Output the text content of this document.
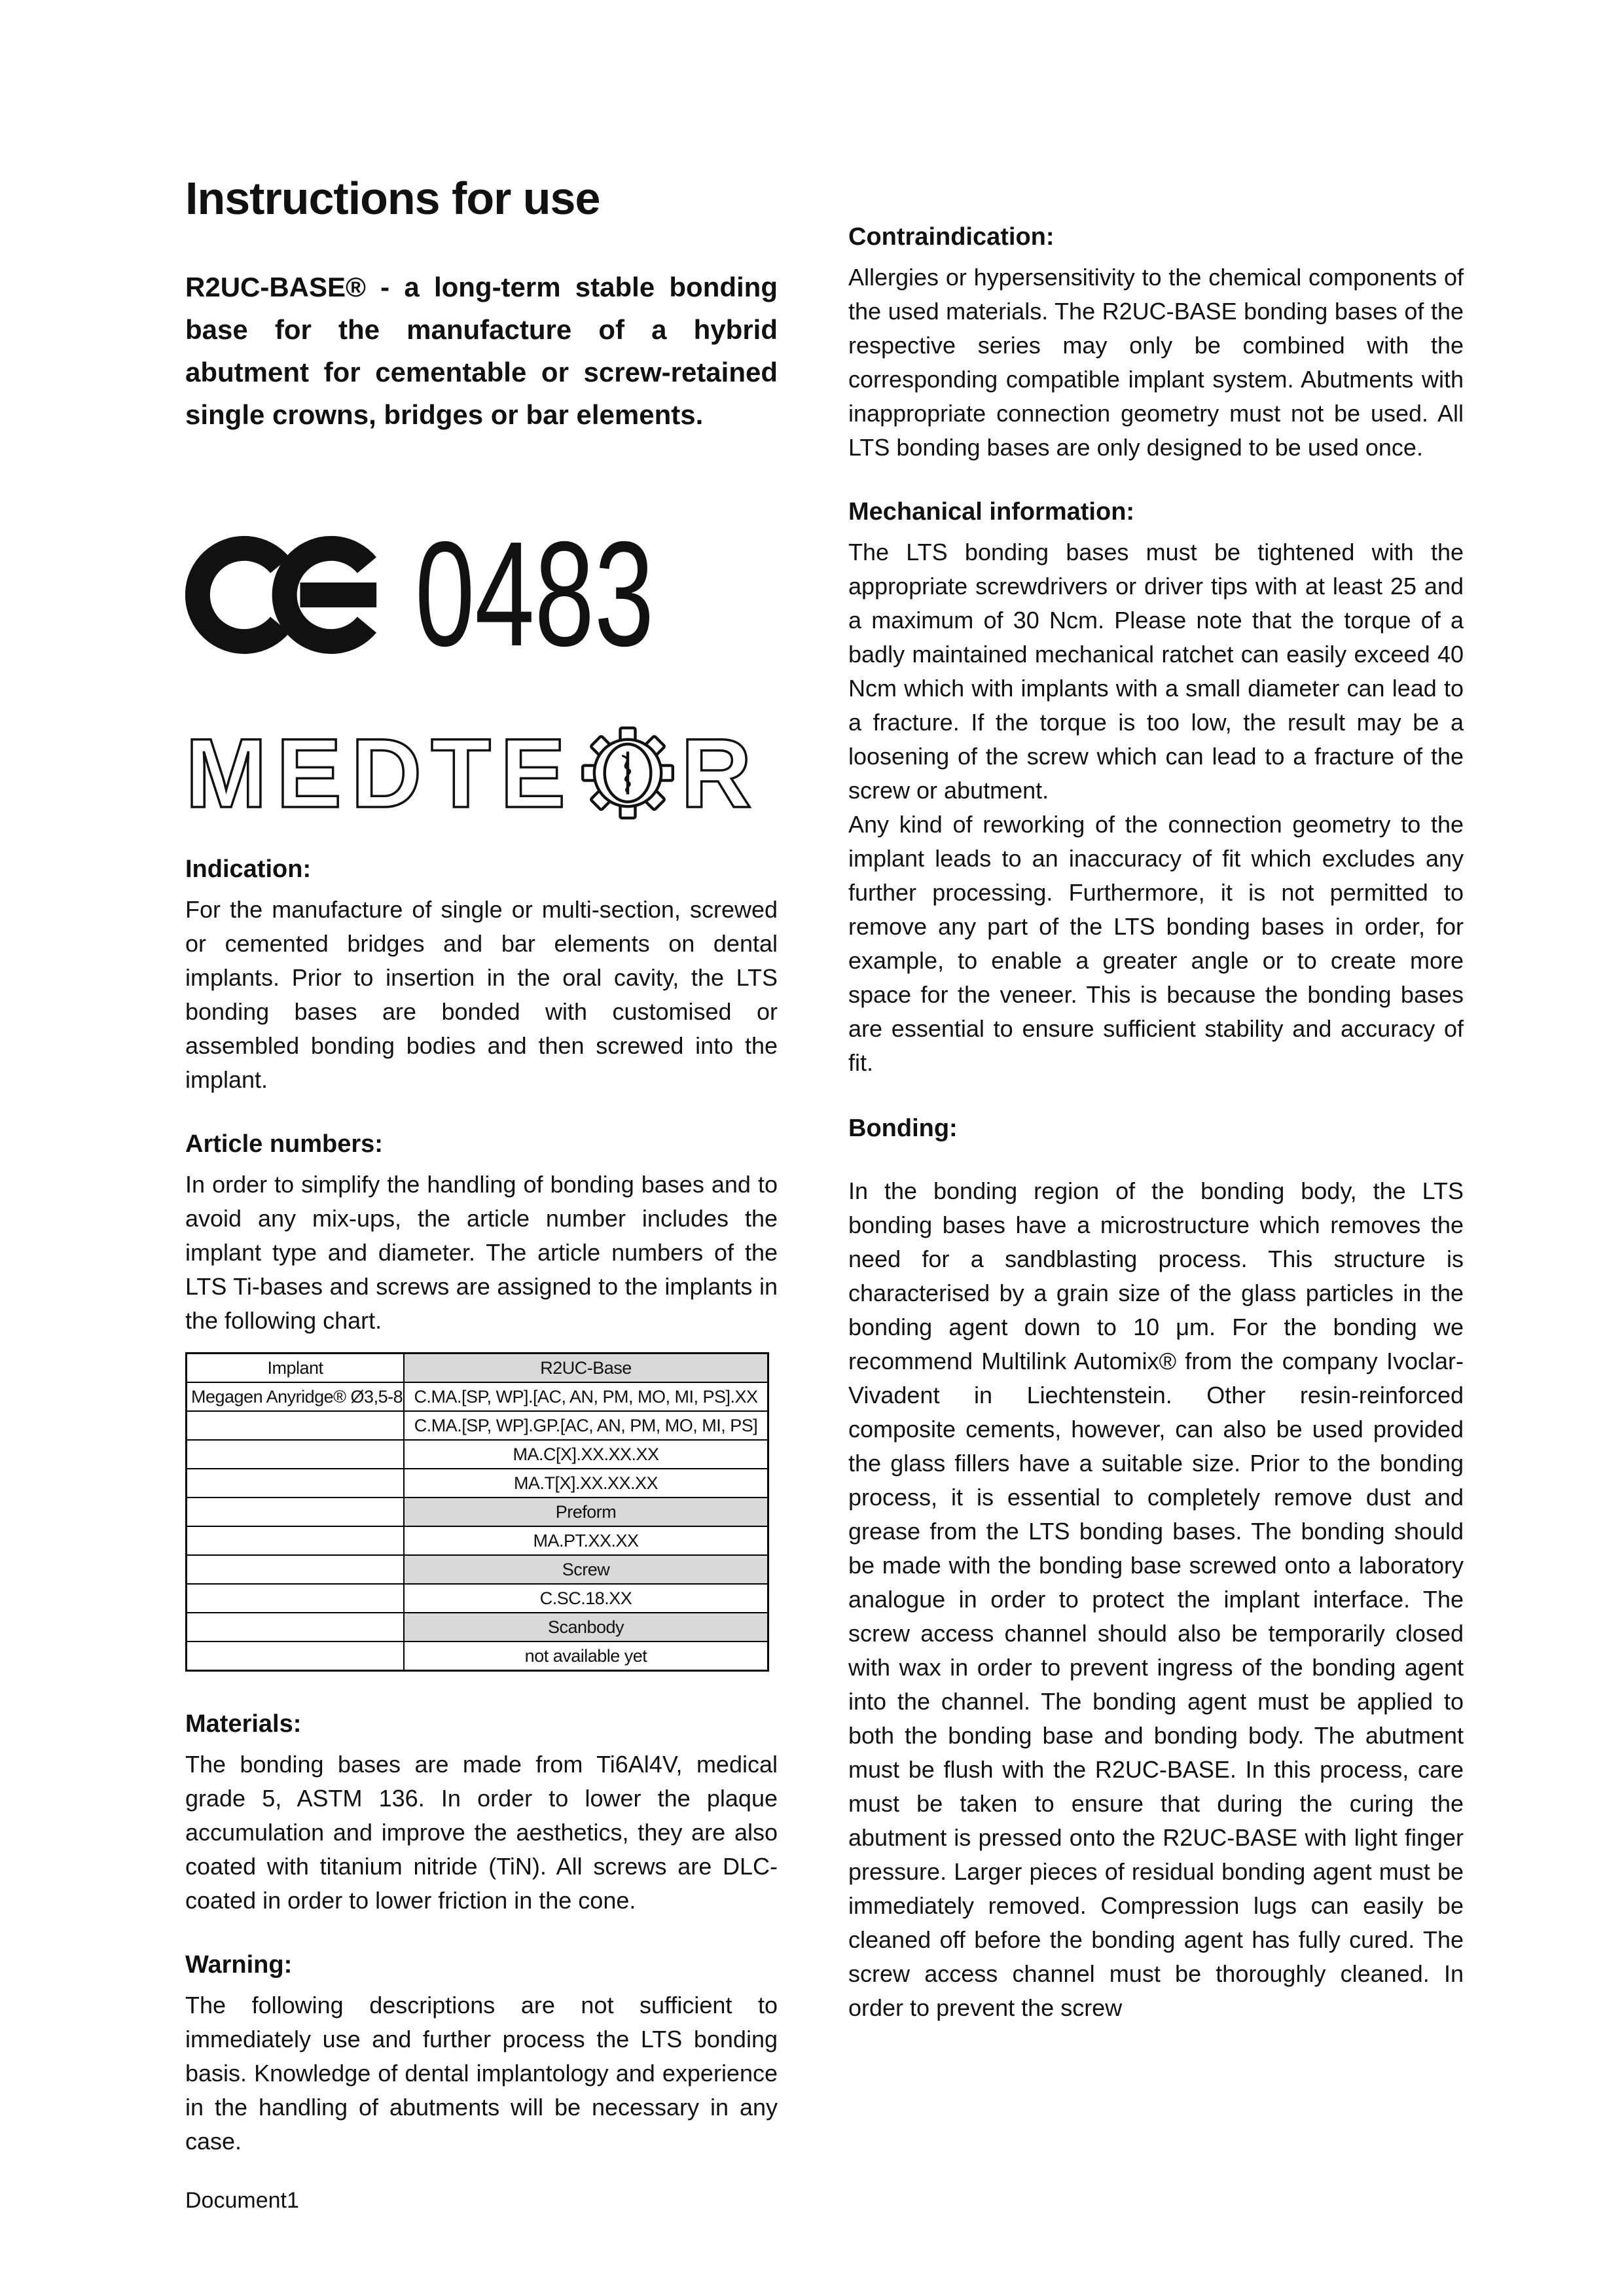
Instructions for use

R2UC-BASE® - a long-term stable bonding base for the manufacture of a hybrid abutment for cementable or screw-retained single crowns, bridges or bar elements.

0483
MEDTE R
Indication:

For the manufacture of single or multi-section, screwed or cemented bridges and bar elements on dental implants. Prior to insertion in the oral cavity, the LTS bonding bases are bonded with customised or assembled bonding bodies and then screwed into the implant.

Article numbers:

In order to simplify the handling of bonding bases and to avoid any mix-ups, the article number includes the implant type and diameter. The article numbers of the LTS Ti-bases and screws are assigned to the implants in the following chart.

Implant	R2UC-Base
Megagen Anyridge® Ø3,5-8	C.MA.[SP, WP].[AC, AN, PM, MO, MI, PS].XX
	C.MA.[SP, WP].GP.[AC, AN, PM, MO, MI, PS]
	MA.C[X].XX.XX.XX
	MA.T[X].XX.XX.XX
	Preform
	MA.PT.XX.XX
	Screw
	C.SC.18.XX
	Scanbody
	not available yet
Materials:

The bonding bases are made from Ti6Al4V, medical grade 5, ASTM 136. In order to lower the plaque accumulation and improve the aesthetics, they are also coated with titanium nitride (TiN). All screws are DLC-coated in order to lower friction in the cone.

Warning:

The following descriptions are not sufficient to immediately use and further process the LTS bonding basis. Knowledge of dental implantology and experience in the handling of abutments will be necessary in any case.

Document1
Contraindication:

Allergies or hypersensitivity to the chemical components of the used materials. The R2UC-BASE bonding bases of the respective series may only be combined with the corresponding compatible implant system. Abutments with inappropriate connection geometry must not be used. All LTS bonding bases are only designed to be used once.

Mechanical information:

The LTS bonding bases must be tightened with the appropriate screwdrivers or driver tips with at least 25 and a maximum of 30 Ncm. Please note that the torque of a badly maintained mechanical ratchet can easily exceed 40 Ncm which with implants with a small diameter can lead to a fracture. If the torque is too low, the result may be a loosening of the screw which can lead to a fracture of the screw or abutment.

Any kind of reworking of the connection geometry to the implant leads to an inaccuracy of fit which excludes any further processing. Furthermore, it is not permitted to remove any part of the LTS bonding bases in order, for example, to enable a greater angle or to create more space for the veneer. This is because the bonding bases are essential to ensure sufficient stability and accuracy of fit.

Bonding:

In the bonding region of the bonding body, the LTS bonding bases have a microstructure which removes the need for a sandblasting process. This structure is characterised by a grain size of the glass particles in the bonding agent down to 10 μm. For the bonding we recommend Multilink Automix® from the company Ivoclar-Vivadent in Liechtenstein. Other resin-reinforced composite cements, however, can also be used provided the glass fillers have a suitable size. Prior to the bonding process, it is essential to completely remove dust and grease from the LTS bonding bases. The bonding should be made with the bonding base screwed onto a laboratory analogue in order to protect the implant interface. The screw access channel should also be temporarily closed with wax in order to prevent ingress of the bonding agent into the channel. The bonding agent must be applied to both the bonding base and bonding body. The abutment must be flush with the R2UC-BASE. In this process, care must be taken to ensure that during the curing the abutment is pressed onto the R2UC-BASE with light finger pressure. Larger pieces of residual bonding agent must be immediately removed. Compression lugs can easily be cleaned off before the bonding agent has fully cured. The screw access channel must be thoroughly cleaned. In order to prevent the screw
